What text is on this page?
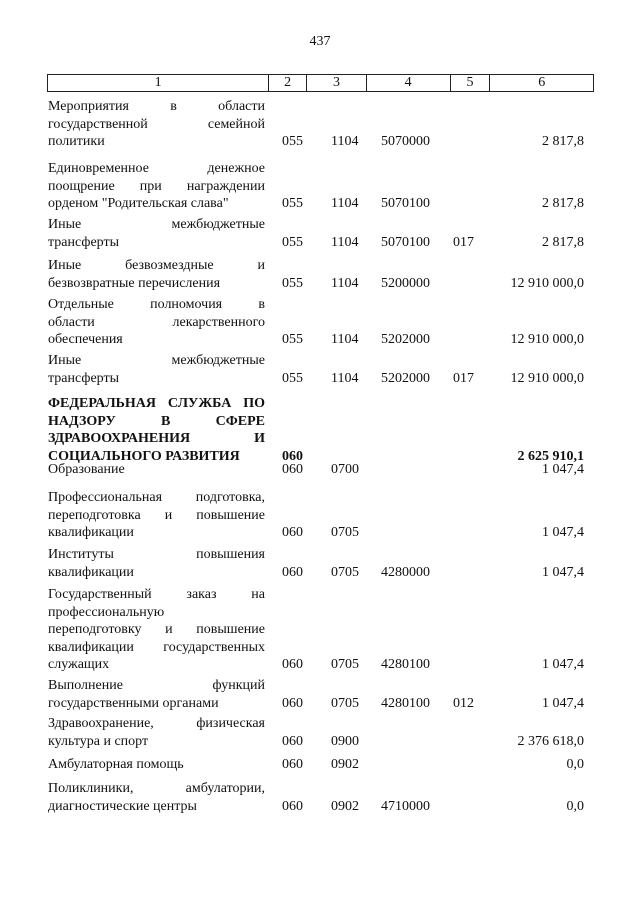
437
1	2	3	4	5	6
Мероприятия в области
государственной семейной
политики	055 1104 5070000	2 817,8
Единовременное денежное
поощрение при награждении
орденом "Родительская слава"	055 1104 5070100	2 817,8
Иные межбюджетные
трансферты	055 1104 5070100 017	2 817,8
Иные безвозмездные и
безвозвратные перечисления	055 1104 5200000	12 910 000,0
Отдельные полномочия в
области лекарственного
обеспечения	055 1104 5202000	12 910 000,0
Иные межбюджетные
трансферты	055 1104 5202000 017	12 910 000,0
ФЕДЕРАЛЬНАЯ СЛУЖБА ПО
НАДЗОРУ В СФЕРЕ
ЗДРАВООХРАНЕНИЯ И
СОЦИАЛЬНОГО РАЗВИТИЯ	060	2 625 910,1
Образование	060 0700	1 047,4
Профессиональная подготовка,
переподготовка и повышение
квалификации	060 0705	1 047,4
Институты повышения
квалификации	060 0705 4280000	1 047,4
Государственный заказ на
профессиональную
переподготовку и повышение
квалификации государственных
служащих	060 0705 4280100	1 047,4
Выполнение функций
государственными органами	060 0705 4280100 012	1 047,4
Здравоохранение, физическая
культура и спорт	060 0900	2 376 618,0
Амбулаторная помощь	060 0902	0,0
Поликлиники, амбулатории,
диагностические центры	060 0902 4710000	0,0
